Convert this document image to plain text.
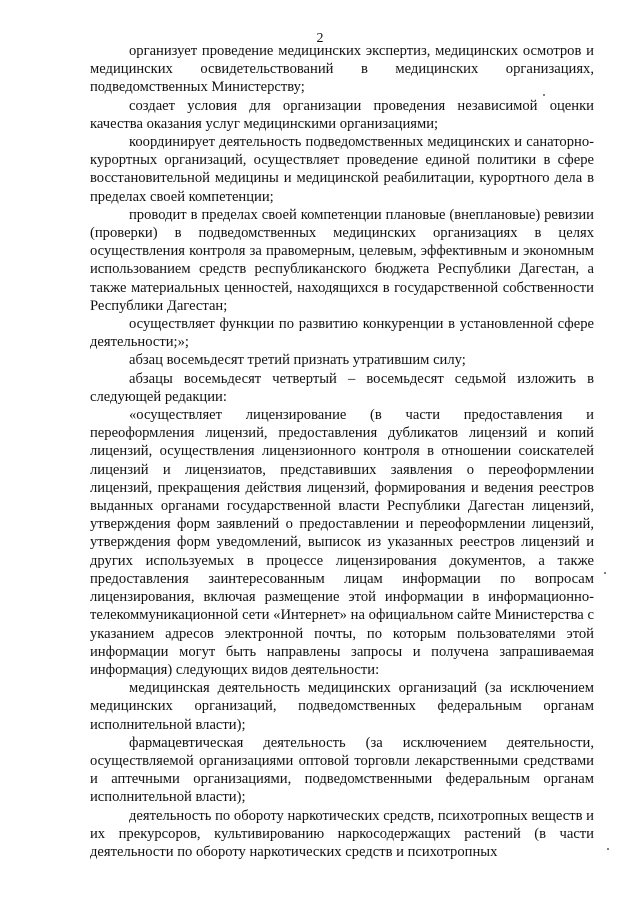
2

организует проведение медицинских экспертиз, медицинских осмотров и медицинских освидетельствований в медицинских организациях, подведомственных Министерству;

создает условия для организации проведения независимой оценки качества оказания услуг медицинскими организациями;

координирует деятельность подведомственных медицинских и санаторно-курортных организаций, осуществляет проведение единой политики в сфере восстановительной медицины и медицинской реабилитации, курортного дела в пределах своей компетенции;

проводит в пределах своей компетенции плановые (внеплановые) ревизии (проверки) в подведомственных медицинских организациях в целях осуществления контроля за правомерным, целевым, эффективным и экономным использованием средств республиканского бюджета Республики Дагестан, а также материальных ценностей, находящихся в государственной собственности Республики Дагестан;

осуществляет функции по развитию конкуренции в установленной сфере деятельности;»;

абзац восемьдесят третий признать утратившим силу;

абзацы восемьдесят четвертый – восемьдесят седьмой изложить в следующей редакции:

«осуществляет лицензирование (в части предоставления и переоформления лицензий, предоставления дубликатов лицензий и копий лицензий, осуществления лицензионного контроля в отношении соискателей лицензий и лицензиатов, представивших заявления о переоформлении лицензий, прекращения действия лицензий, формирования и ведения реестров выданных органами государственной власти Республики Дагестан лицензий, утверждения форм заявлений о предоставлении и переоформлении лицензий, утверждения форм уведомлений, выписок из указанных реестров лицензий и других используемых в процессе лицензирования документов, а также предоставления заинтересованным лицам информации по вопросам лицензирования, включая размещение этой информации в информационно-телекоммуникационной сети «Интернет» на официальном сайте Министерства с указанием адресов электронной почты, по которым пользователями этой информации могут быть направлены запросы и получена запрашиваемая информация) следующих видов деятельности:

медицинская деятельность медицинских организаций (за исключением медицинских организаций, подведомственных федеральным органам исполнительной власти);

фармацевтическая деятельность (за исключением деятельности, осуществляемой организациями оптовой торговли лекарственными средствами и аптечными организациями, подведомственными федеральным органам исполнительной власти);

деятельность по обороту наркотических средств, психотропных веществ и их прекурсоров, культивированию наркосодержащих растений (в части деятельности по обороту наркотических средств и психотропных
